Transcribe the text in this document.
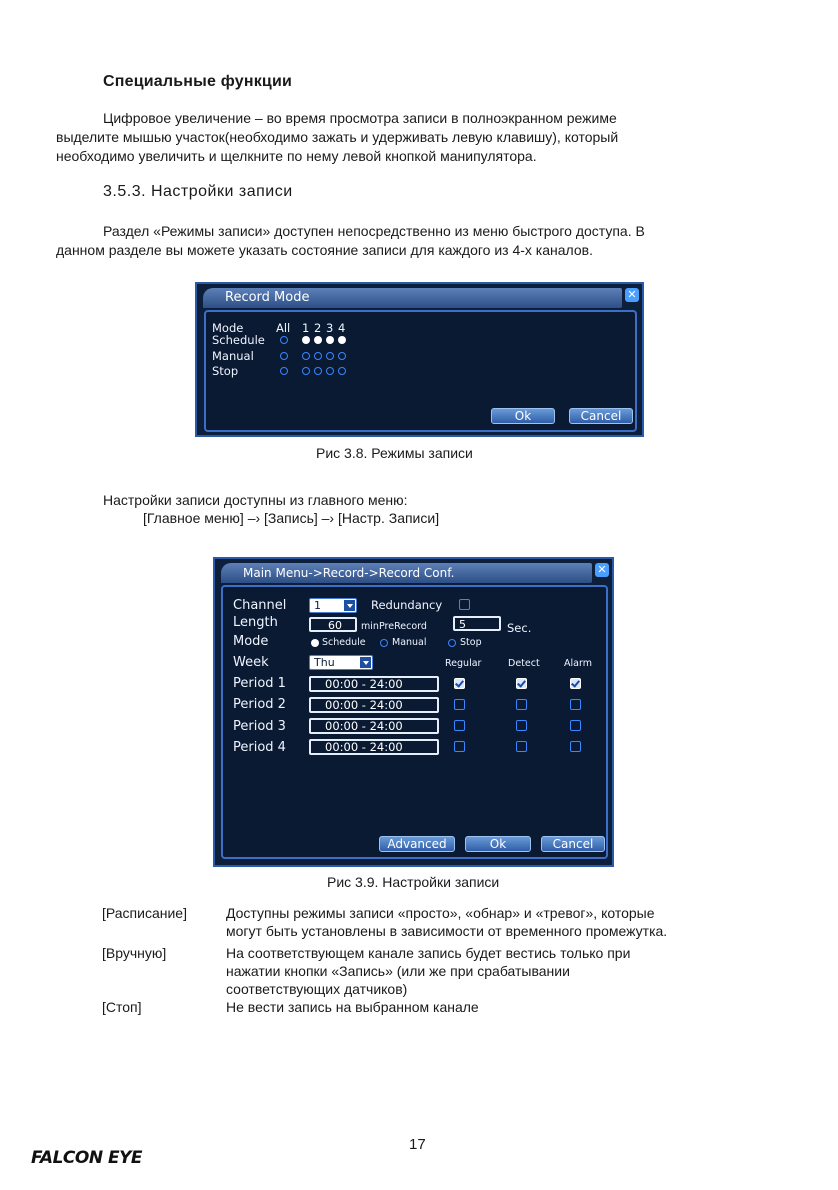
Специальные функции
Цифровое увеличение – во время просмотра записи в полноэкранном режиме
выделите мышью участок(необходимо зажать и удерживать левую клавишу), который
необходимо увеличить и щелкните по нему левой кнопкой манипулятора.
3.5.3. Настройки записи
Раздел «Режимы записи» доступен непосредственно из меню быстрого доступа. В
данном разделе вы можете указать состояние записи для каждого из 4-х каналов.
Record Mode	✕
Mode	All 1 2 3 4
Schedule
Manual
Stop
Ok	Cancel
Рис 3.8. Режимы записи
Настройки записи доступны из главного меню:
[Главное меню] –› [Запись] –› [Настр. Записи]
Main Menu->Record->Record Conf.	✕
Channel	1	Redundancy
Length	60	min PreRecord	5	Sec.
Mode	Schedule	Manual	Stop
Week	Thu	Regular	Detect	Alarm
Period 1	00:00 - 24:00
Period 2	00:00 - 24:00
Period 3	00:00 - 24:00
Period 4	00:00 - 24:00
Advanced	Ok	Cancel
Рис 3.9. Настройки записи
[Расписание]	Доступны режимы записи «просто», «обнар» и «тревог», которые
могут быть установлены в зависимости от временного промежутка.
[Вручную]	На соответствующем канале запись будет вестись только при
нажатии кнопки «Запись» (или же при срабатывании
соответствующих датчиков)
[Стоп]	Не вести запись на выбранном канале
17
FALCON EYE
